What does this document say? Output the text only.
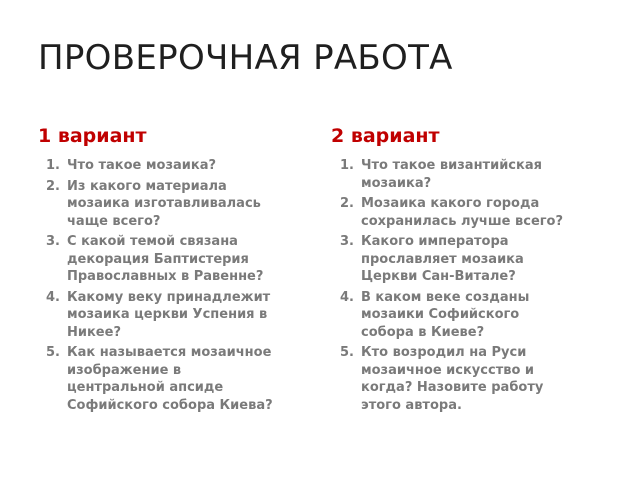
ПРОВЕРОЧНАЯ РАБОТА
1 вариант	2 вариант
1. Что такое мозаика?
2. Из какого материала
мозаика изготавливалась
чаще всего?
3. С какой темой связана
декорация Баптистерия
Православных в Равенне?
4. Какому веку принадлежит
мозаика церкви Успения в
Никее?
5. Как называется мозаичное
изображение в
центральной апсиде
Софийского собора Киева?
1. Что такое византийская
мозаика?
2. Мозаика какого города
сохранилась лучше всего?
3. Какого императора
прославляет мозаика
Церкви Сан-Витале?
4. В каком веке созданы
мозаики Софийского
собора в Киеве?
5. Кто возродил на Руси
мозаичное искусство и
когда? Назовите работу
этого автора.
